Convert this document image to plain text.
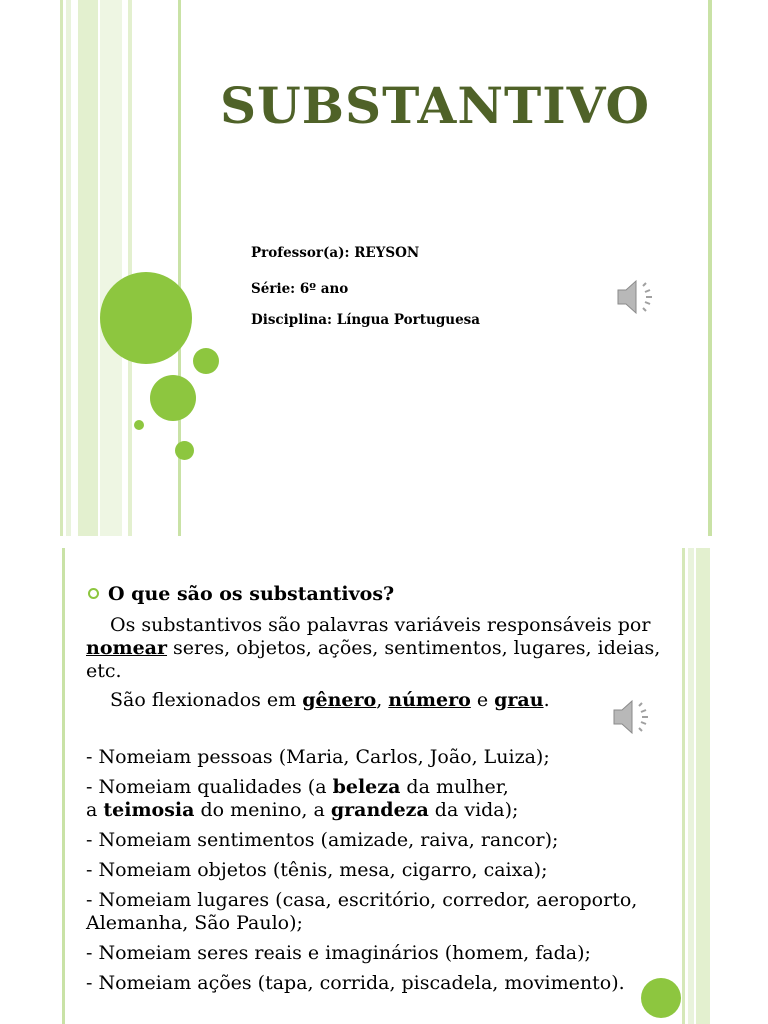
SUBSTANTIVO
Professor(a): REYSON
Série: 6º ano
Disciplina: Língua Portuguesa
O que são os substantivos?
Os substantivos são palavras variáveis responsáveis por nomear seres, objetos, ações, sentimentos, lugares, ideias, etc.
São flexionados em gênero, número e grau.
- Nomeiam pessoas (Maria, Carlos, João, Luiza);
- Nomeiam qualidades (a beleza da mulher,
a teimosia do menino, a grandeza da vida);
- Nomeiam sentimentos (amizade, raiva, rancor);
- Nomeiam objetos (tênis, mesa, cigarro, caixa);
- Nomeiam lugares (casa, escritório, corredor, aeroporto, Alemanha, São Paulo);
- Nomeiam seres reais e imaginários (homem, fada);
- Nomeiam ações (tapa, corrida, piscadela, movimento).
